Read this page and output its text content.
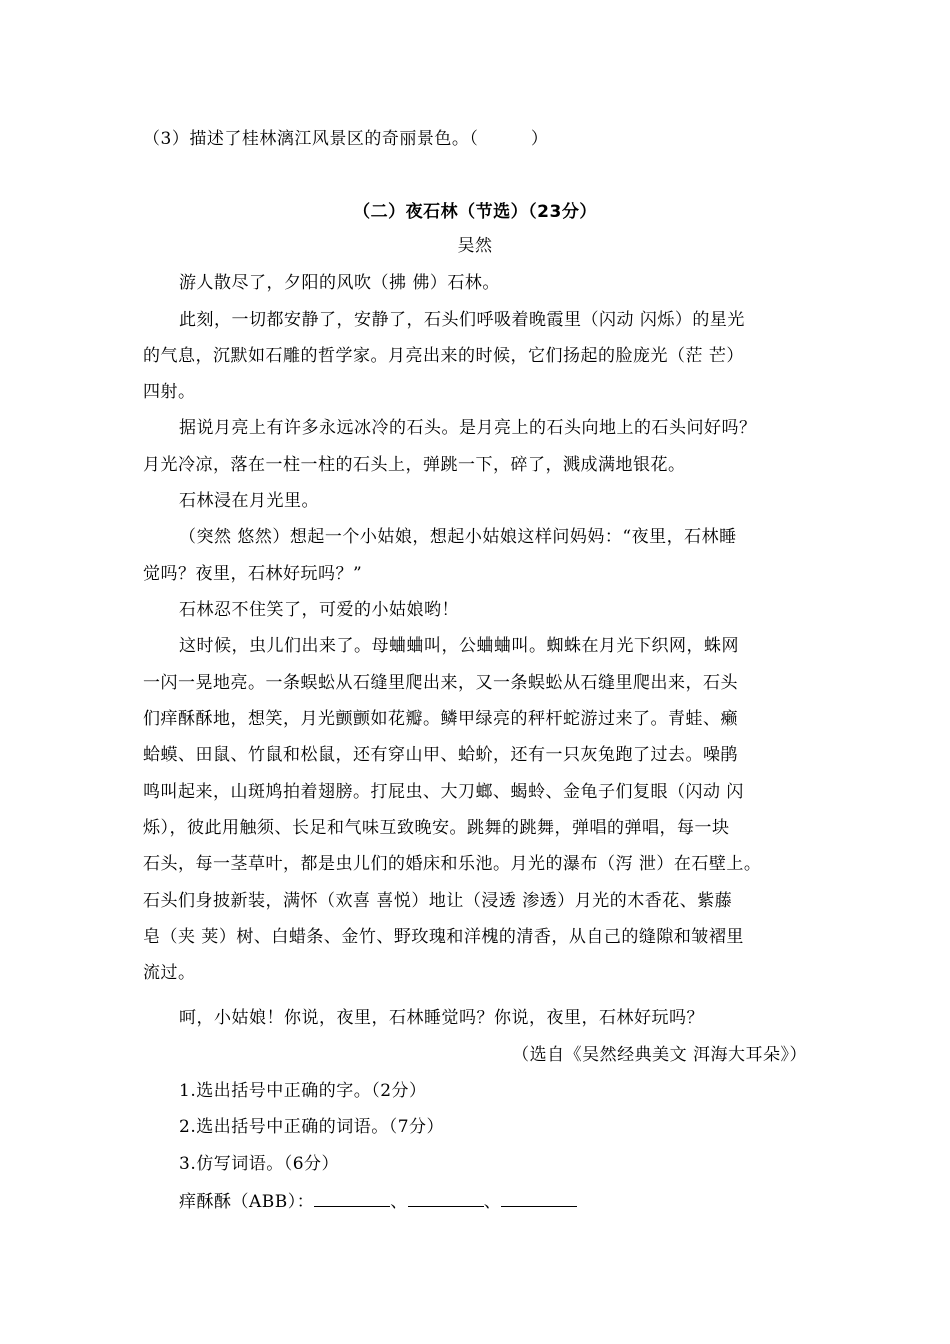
（3）描述了桂林漓江风景区的奇丽景色。（　　　）
（二）夜石林（节选）（23分）
吴然
游人散尽了，夕阳的风吹（拂 佛）石林。
此刻，一切都安静了，安静了，石头们呼吸着晚霞里（闪动 闪烁）的星光
的气息，沉默如石雕的哲学家。月亮出来的时候，它们扬起的脸庞光（茫 芒）
四射。
据说月亮上有许多永远冰冷的石头。是月亮上的石头向地上的石头问好吗？
月光冷凉，落在一柱一柱的石头上，弹跳一下，碎了，溅成满地银花。
石林浸在月光里。
（突然 悠然）想起一个小姑娘，想起小姑娘这样问妈妈：“夜里，石林睡
觉吗？夜里，石林好玩吗？”
石林忍不住笑了，可爱的小姑娘哟！
这时候，虫儿们出来了。母蛐蛐叫，公蛐蛐叫。蜘蛛在月光下织网，蛛网
一闪一晃地亮。一条蜈蚣从石缝里爬出来，又一条蜈蚣从石缝里爬出来，石头
们痒酥酥地，想笑，月光颤颤如花瓣。鳞甲绿亮的秤杆蛇游过来了。青蛙、癞
蛤蟆、田鼠、竹鼠和松鼠，还有穿山甲、蛤蚧，还有一只灰兔跑了过去。噪鹃
鸣叫起来，山斑鸠拍着翅膀。打屁虫、大刀螂、蝎蛉、金龟子们复眼（闪动 闪
烁），彼此用触须、长足和气味互致晚安。跳舞的跳舞，弹唱的弹唱，每一块
石头，每一茎草叶，都是虫儿们的婚床和乐池。月光的瀑布（泻 泄）在石壁上。
石头们身披新装，满怀（欢喜 喜悦）地让（浸透 渗透）月光的木香花、紫藤
皂（夹 荚）树、白蜡条、金竹、野玫瑰和洋槐的清香，从自己的缝隙和皱褶里
流过。
呵，小姑娘！你说，夜里，石林睡觉吗？你说，夜里，石林好玩吗？
（选自《吴然经典美文 洱海大耳朵》）
1.选出括号中正确的字。（2分）
2.选出括号中正确的词语。（7分）
3.仿写词语。（6分）
痒酥酥（ABB）：	、	、
